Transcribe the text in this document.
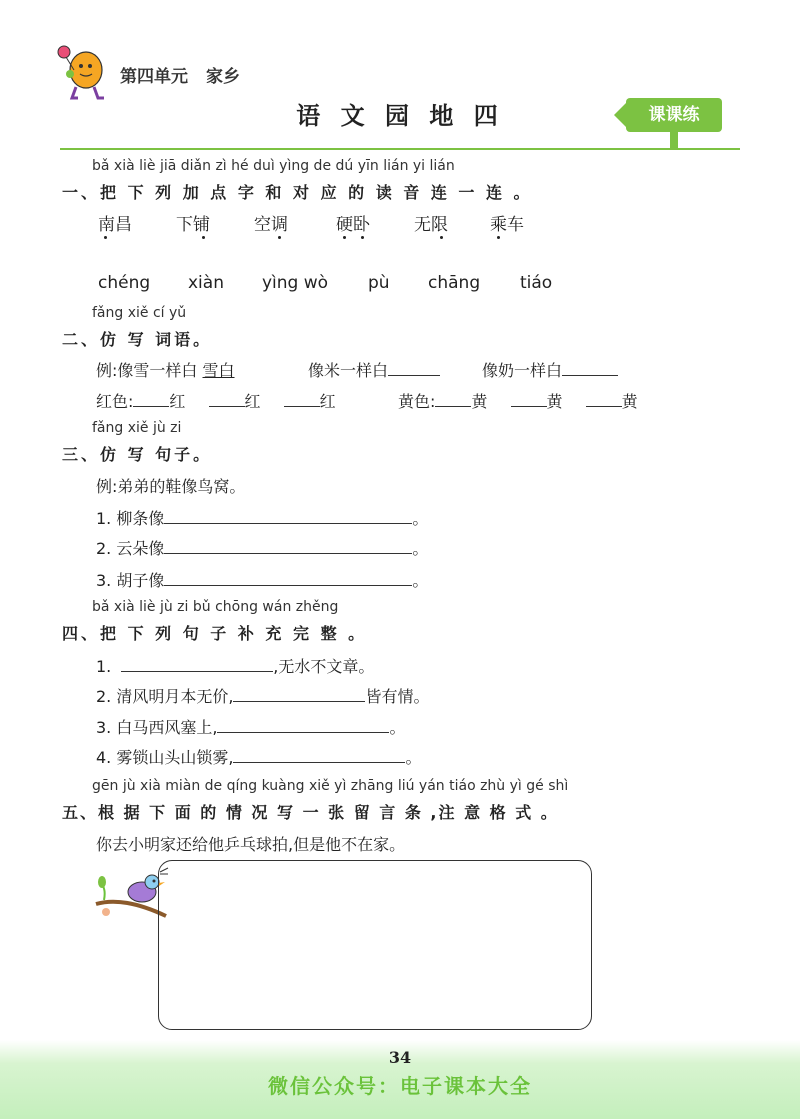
第四单元 家乡
语 文 园 地 四	课课练
bǎ xià liè jiā diǎn zì hé duì yìng de dú yīn lián yi lián
一、把 下 列 加 点 字 和 对 应 的 读 音 连 一 连 。
南昌	下铺	空调	硬卧	无限 乘车
chéng xiàn yìng wò pù chāng tiáo
fǎng xiě cí yǔ
二、仿 写 词语。
例:像雪一样白 雪白	像米一样白	像奶一样白
红色: 红	红	红	黄色: 黄	黄	黄
fǎng xiě jù zi
三、仿 写 句子。
例:弟弟的鞋像鸟窝。
1. 柳条像	。
2. 云朵像	。
3. 胡子像	。
bǎ xià liè jù zi bǔ chōng wán zhěng
四、把 下 列 句 子 补 充 完 整 。
1.	,无水不文章。
2. 清风明月本无价,	皆有情。
3. 白马西风塞上,	。
4. 雾锁山头山锁雾,	。
gēn jù xià miàn de qíng kuàng xiě yì zhāng liú yán tiáo zhù yì gé shì
五、根 据 下 面 的 情 况 写 一 张 留 言 条 ,注 意 格 式 。
你去小明家还给他乒乓球拍,但是他不在家。
34
微信公众号：电子课本大全
